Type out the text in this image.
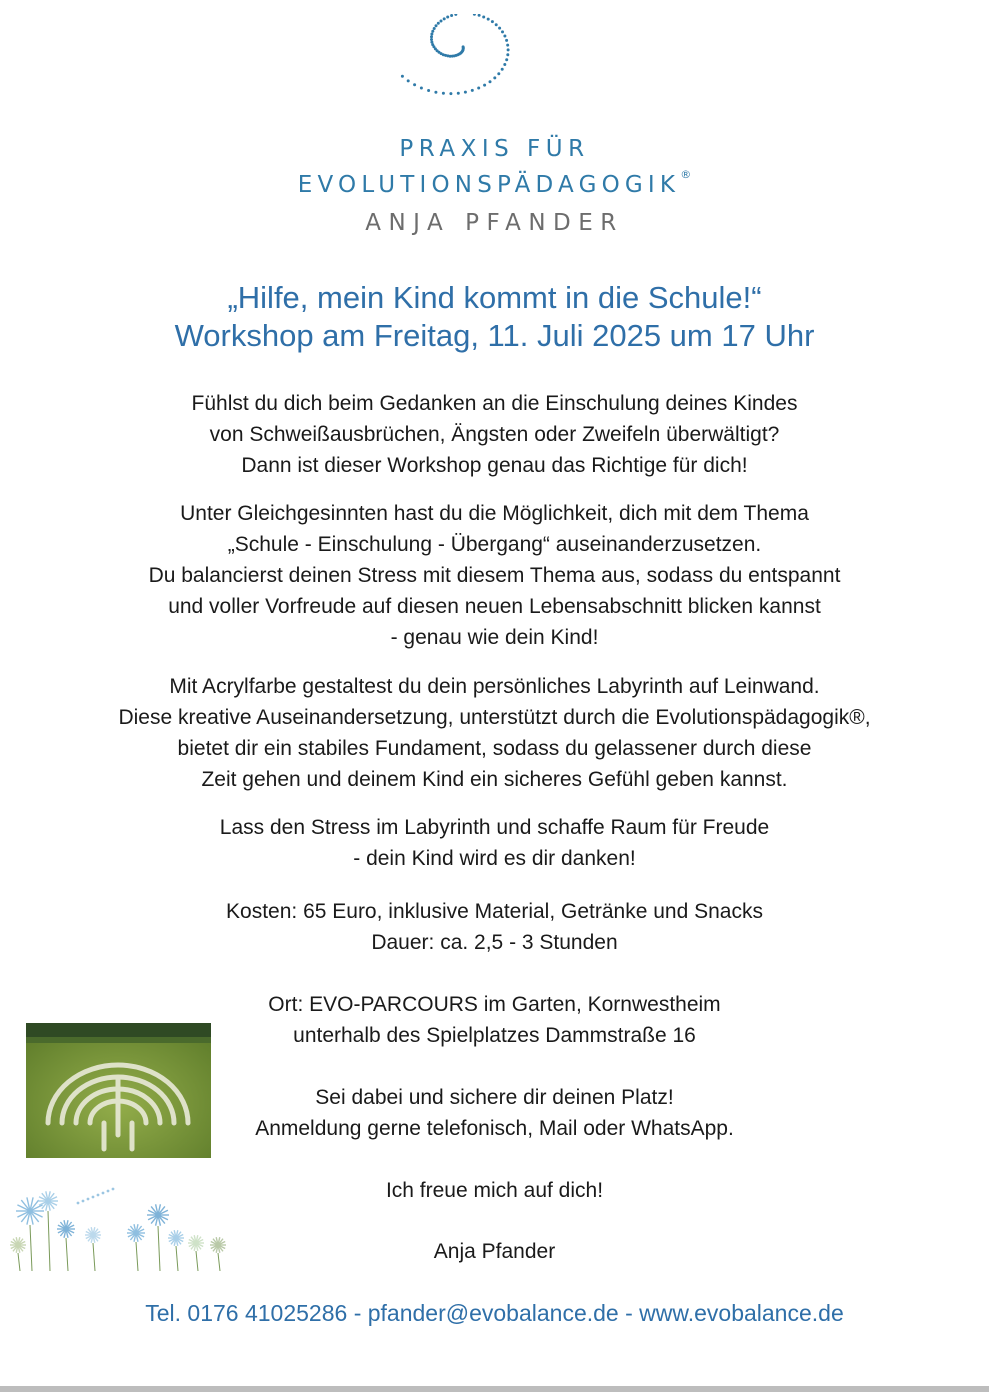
PRAXIS FÜR
EVOLUTIONSPÄDAGOGIK®
ANJA PFANDER
„Hilfe, mein Kind kommt in die Schule!“
Workshop am Freitag, 11. Juli 2025 um 17 Uhr
Fühlst du dich beim Gedanken an die Einschulung deines Kindes
von Schweißausbrüchen, Ängsten oder Zweifeln überwältigt?
Dann ist dieser Workshop genau das Richtige für dich!
Unter Gleichgesinnten hast du die Möglichkeit, dich mit dem Thema
„Schule - Einschulung - Übergang“ auseinanderzusetzen.
Du balancierst deinen Stress mit diesem Thema aus, sodass du entspannt
und voller Vorfreude auf diesen neuen Lebensabschnitt blicken kannst
- genau wie dein Kind!
Mit Acrylfarbe gestaltest du dein persönliches Labyrinth auf Leinwand.
Diese kreative Auseinandersetzung, unterstützt durch die Evolutionspädagogik®,
bietet dir ein stabiles Fundament, sodass du gelassener durch diese
Zeit gehen und deinem Kind ein sicheres Gefühl geben kannst.
Lass den Stress im Labyrinth und schaffe Raum für Freude
- dein Kind wird es dir danken!
Kosten: 65 Euro, inklusive Material, Getränke und Snacks
Dauer: ca. 2,5 - 3 Stunden
Ort: EVO-PARCOURS im Garten, Kornwestheim
unterhalb des Spielplatzes Dammstraße 16
Sei dabei und sichere dir deinen Platz!
Anmeldung gerne telefonisch, Mail oder WhatsApp.
Ich freue mich auf dich!
Anja Pfander
Tel. 0176 41025286 - pfander@evobalance.de - www.evobalance.de
